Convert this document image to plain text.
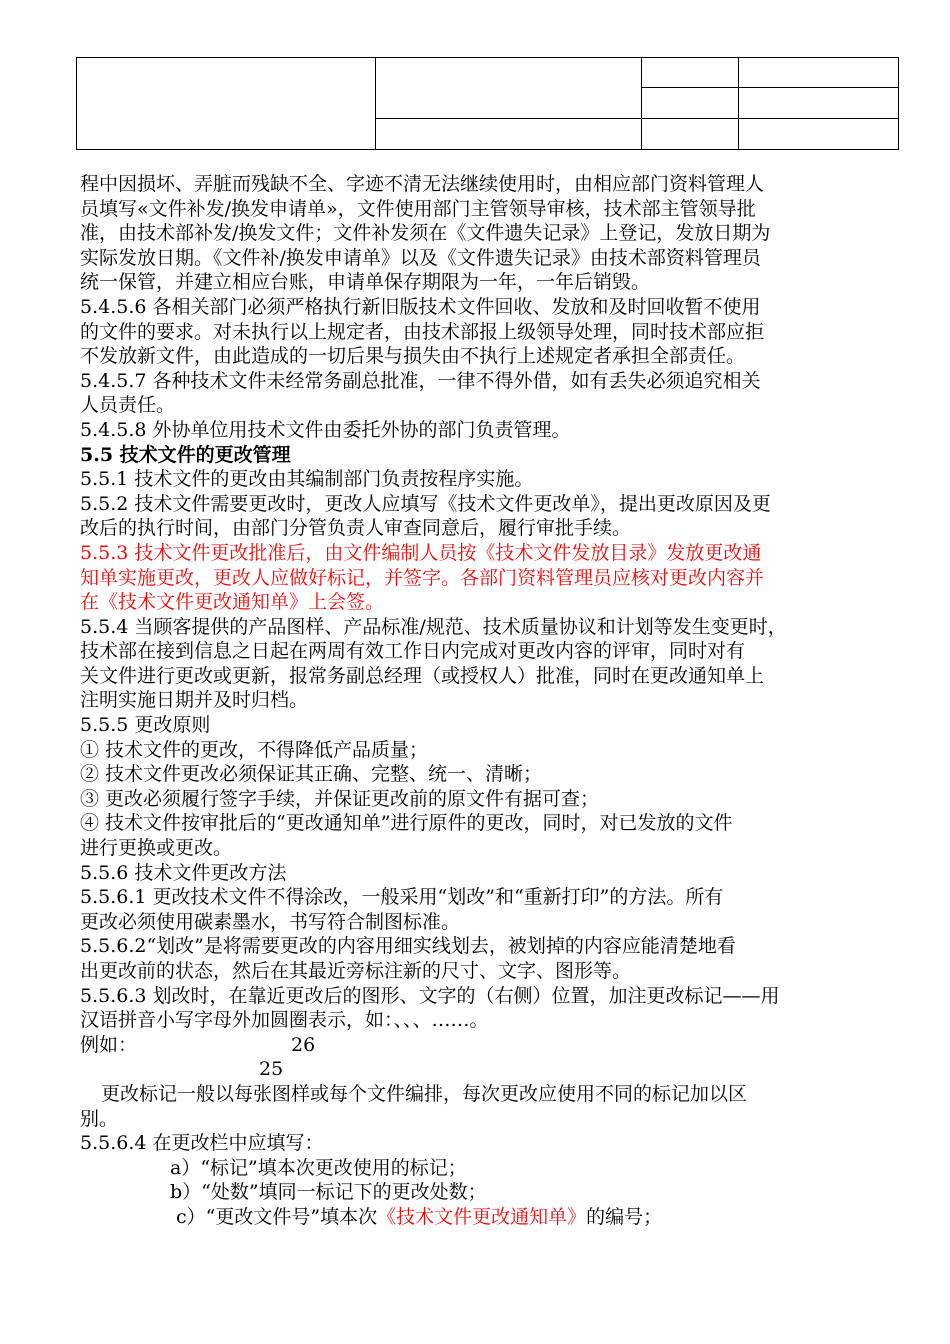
程中因损坏、弄脏而残缺不全、字迹不清无法继续使用时，由相应部门资料管理人

员填写«文件补发/换发申请单»，文件使用部门主管领导审核，技术部主管领导批

准，由技术部补发/换发文件；文件补发须在《文件遗失记录》上登记，发放日期为

实际发放日期。《文件补/换发申请单》以及《文件遗失记录》由技术部资料管理员

统一保管，并建立相应台账，申请单保存期限为一年，一年后销毁。

5.4.5.6 各相关部门必须严格执行新旧版技术文件回收、发放和及时回收暂不使用

的文件的要求。对未执行以上规定者，由技术部报上级领导处理，同时技术部应拒

不发放新文件，由此造成的一切后果与损失由不执行上述规定者承担全部责任。

5.4.5.7 各种技术文件未经常务副总批准，一律不得外借，如有丢失必须追究相关

人员责任。

5.4.5.8 外协单位用技术文件由委托外协的部门负责管理。

5.5 技术文件的更改管理

5.5.1 技术文件的更改由其编制部门负责按程序实施。

5.5.2 技术文件需要更改时，更改人应填写《技术文件更改单》，提出更改原因及更

改后的执行时间，由部门分管负责人审查同意后，履行审批手续。

5.5.3 技术文件更改批准后，由文件编制人员按《技术文件发放目录》发放更改通

知单实施更改，更改人应做好标记，并签字。各部门资料管理员应核对更改内容并

在《技术文件更改通知单》上会签。

5.5.4 当顾客提供的产品图样、产品标准/规范、技术质量协议和计划等发生变更时，

技术部在接到信息之日起在两周有效工作日内完成对更改内容的评审，同时对有

关文件进行更改或更新，报常务副总经理（或授权人）批准，同时在更改通知单上

注明实施日期并及时归档。

5.5.5 更改原则

① 技术文件的更改，不得降低产品质量；

② 技术文件更改必须保证其正确、完整、统一、清晰；

③ 更改必须履行签字手续，并保证更改前的原文件有据可查；

④ 技术文件按审批后的“更改通知单”进行原件的更改，同时，对已发放的文件

进行更换或更改。

5.5.6 技术文件更改方法

5.5.6.1 更改技术文件不得涂改，一般采用“划改”和“重新打印”的方法。所有

更改必须使用碳素墨水，书写符合制图标准。

5.5.6.2“划改”是将需要更改的内容用细实线划去，被划掉的内容应能清楚地看

出更改前的状态，然后在其最近旁标注新的尺寸、文字、图形等。

5.5.6.3 划改时，在靠近更改后的图形、文字的（右侧）位置，加注更改标记——用

汉语拼音小写字母外加圆圈表示，如：、、、……。

例如：	26
25

更改标记一般以每张图样或每个文件编排，每次更改应使用不同的标记加以区

别。

5.5.6.4 在更改栏中应填写：

a）“标记”填本次更改使用的标记；

b）“处数”填同一标记下的更改处数；

c）“更改文件号”填本次《技术文件更改通知单》的编号；
